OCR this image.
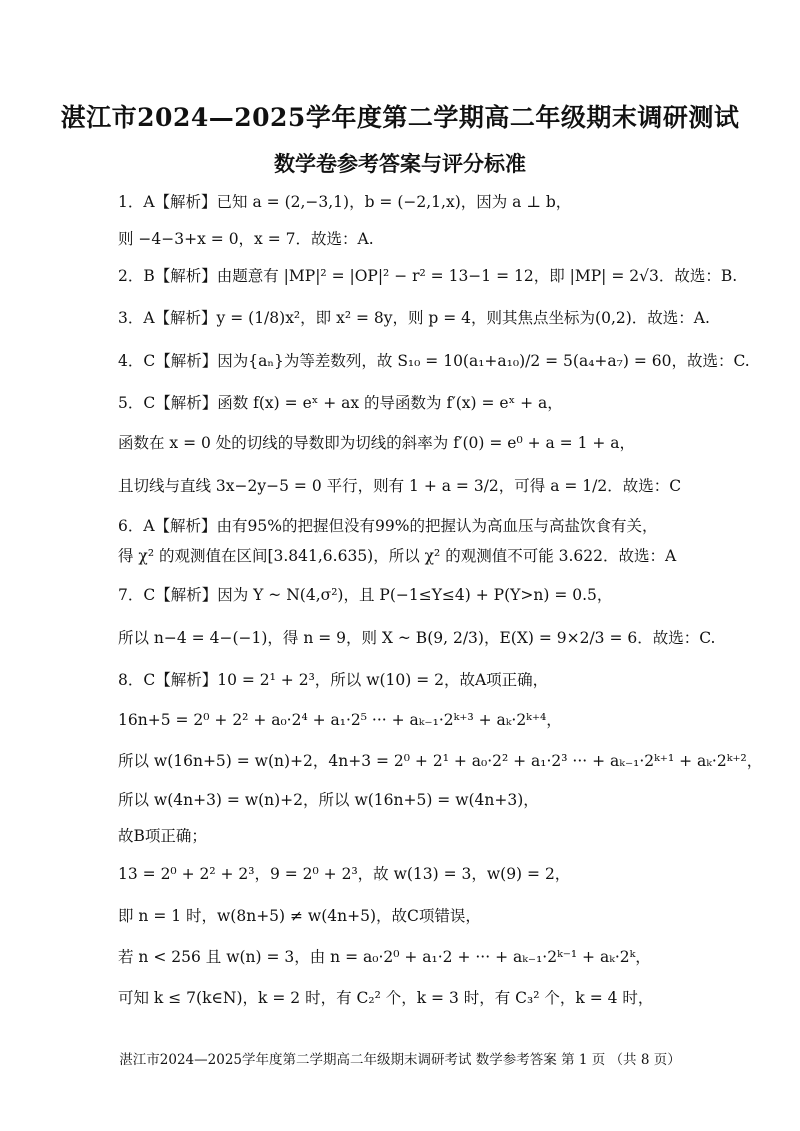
湛江市2024—2025学年度第二学期高二年级期末调研测试
数学卷参考答案与评分标准
1．A【解析】已知 a = (2,−3,1)，b = (−2,1,x)，因为 a ⊥ b，
则 −4−3+x = 0，x = 7．故选：A.
2．B【解析】由题意有 |MP|² = |OP|² − r² = 13−1 = 12，即 |MP| = 2√3．故选：B.
3．A【解析】y = (1/8)x²，即 x² = 8y，则 p = 4，则其焦点坐标为(0,2)．故选：A.
4．C【解析】因为{aₙ}为等差数列，故 S₁₀ = 10(a₁+a₁₀)/2 = 5(a₄+a₇) = 60，故选：C.
5．C【解析】函数 f(x) = eˣ + ax 的导函数为 f′(x) = eˣ + a，
函数在 x = 0 处的切线的导数即为切线的斜率为 f′(0) = e⁰ + a = 1 + a，
且切线与直线 3x−2y−5 = 0 平行，则有 1 + a = 3/2，可得 a = 1/2．故选：C
6．A【解析】由有95%的把握但没有99%的把握认为高血压与高盐饮食有关，
得 χ² 的观测值在区间[3.841,6.635)，所以 χ² 的观测值不可能 3.622．故选：A
7．C【解析】因为 Y ~ N(4,σ²)，且 P(−1≤Y≤4) + P(Y>n) = 0.5，
所以 n−4 = 4−(−1)，得 n = 9，则 X ~ B(9, 2/3)，E(X) = 9×2/3 = 6．故选：C.
8．C【解析】10 = 2¹ + 2³，所以 w(10) = 2，故A项正确，
16n+5 = 2⁰ + 2² + a₀·2⁴ + a₁·2⁵ ··· + aₖ₋₁·2ᵏ⁺³ + aₖ·2ᵏ⁺⁴，
所以 w(16n+5) = w(n)+2，4n+3 = 2⁰ + 2¹ + a₀·2² + a₁·2³ ··· + aₖ₋₁·2ᵏ⁺¹ + aₖ·2ᵏ⁺²，
所以 w(4n+3) = w(n)+2，所以 w(16n+5) = w(4n+3)，
故B项正确；
13 = 2⁰ + 2² + 2³，9 = 2⁰ + 2³，故 w(13) = 3，w(9) = 2，
即 n = 1 时，w(8n+5) ≠ w(4n+5)，故C项错误，
若 n < 256 且 w(n) = 3，由 n = a₀·2⁰ + a₁·2 + ··· + aₖ₋₁·2ᵏ⁻¹ + aₖ·2ᵏ，
可知 k ≤ 7(k∈N)，k = 2 时，有 C₂² 个，k = 3 时，有 C₃² 个，k = 4 时，
湛江市2024—2025学年度第二学期高二年级期末调研考试 数学参考答案 第 1 页 （共 8 页）
